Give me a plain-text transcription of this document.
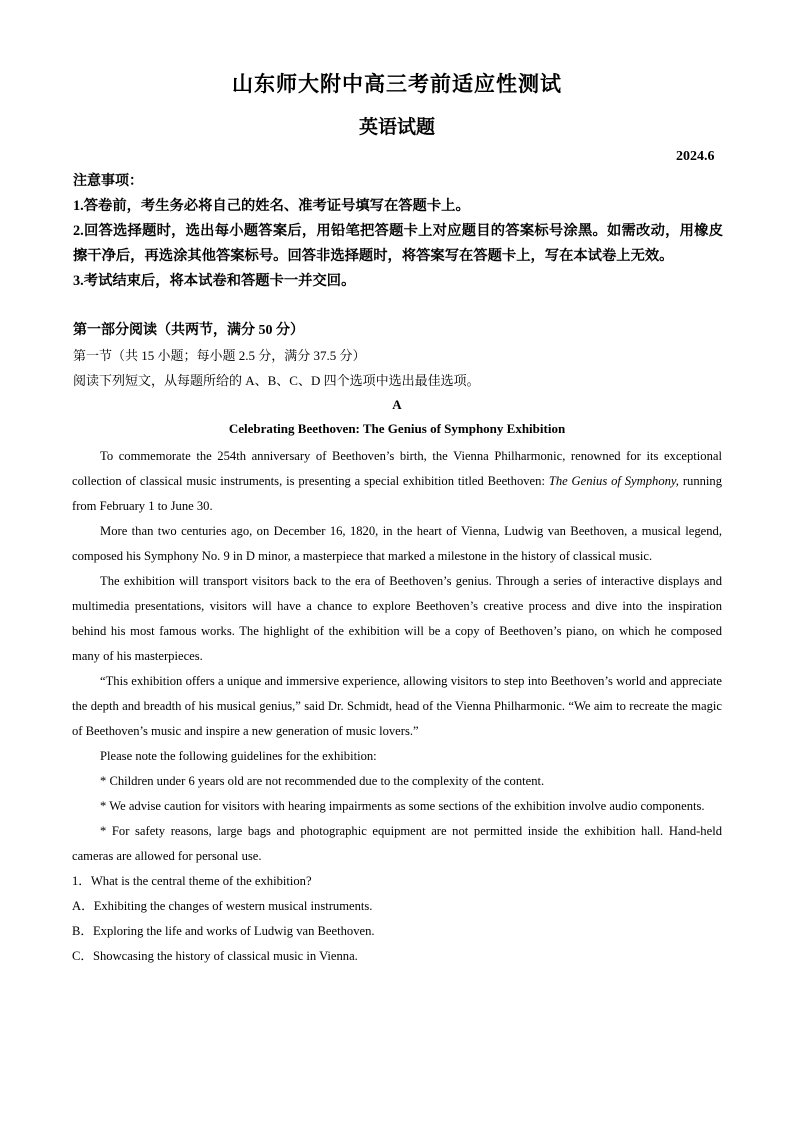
山东师大附中高三考前适应性测试
英语试题
2024.6

注意事项：

1.答卷前，考生务必将自己的姓名、准考证号填写在答题卡上。

2.回答选择题时，选出每小题答案后，用铅笔把答题卡上对应题目的答案标号涂黑。如需改动，用橡皮擦干净后，再选涂其他答案标号。回答非选择题时，将答案写在答题卡上，写在本试卷上无效。

3.考试结束后，将本试卷和答题卡一并交回。

第一部分阅读（共两节，满分 50 分）

第一节（共 15 小题；每小题 2.5 分，满分 37.5 分）

阅读下列短文，从每题所给的 A、B、C、D 四个选项中选出最佳选项。

A
Celebrating Beethoven: The Genius of Symphony Exhibition

To commemorate the 254th anniversary of Beethoven’s birth, the Vienna Philharmonic, renowned for its exceptional collection of classical music instruments, is presenting a special exhibition titled Beethoven: The Genius of Symphony, running from February 1 to June 30.

More than two centuries ago, on December 16, 1820, in the heart of Vienna, Ludwig van Beethoven, a musical legend, composed his Symphony No. 9 in D minor, a masterpiece that marked a milestone in the history of classical music.

The exhibition will transport visitors back to the era of Beethoven’s genius. Through a series of interactive displays and multimedia presentations, visitors will have a chance to explore Beethoven’s creative process and dive into the inspiration behind his most famous works. The highlight of the exhibition will be a copy of Beethoven’s piano, on which he composed many of his masterpieces.

“This exhibition offers a unique and immersive experience, allowing visitors to step into Beethoven’s world and appreciate the depth and breadth of his musical genius,” said Dr. Schmidt, head of the Vienna Philharmonic. “We aim to recreate the magic of Beethoven’s music and inspire a new generation of music lovers.”

Please note the following guidelines for the exhibition:

* Children under 6 years old are not recommended due to the complexity of the content.

* We advise caution for visitors with hearing impairments as some sections of the exhibition involve audio components.

* For safety reasons, large bags and photographic equipment are not permitted inside the exhibition hall. Hand-held cameras are allowed for personal use.

1．What is the central theme of the exhibition?

A．Exhibiting the changes of western musical instruments.

B．Exploring the life and works of Ludwig van Beethoven.

C．Showcasing the history of classical music in Vienna.
